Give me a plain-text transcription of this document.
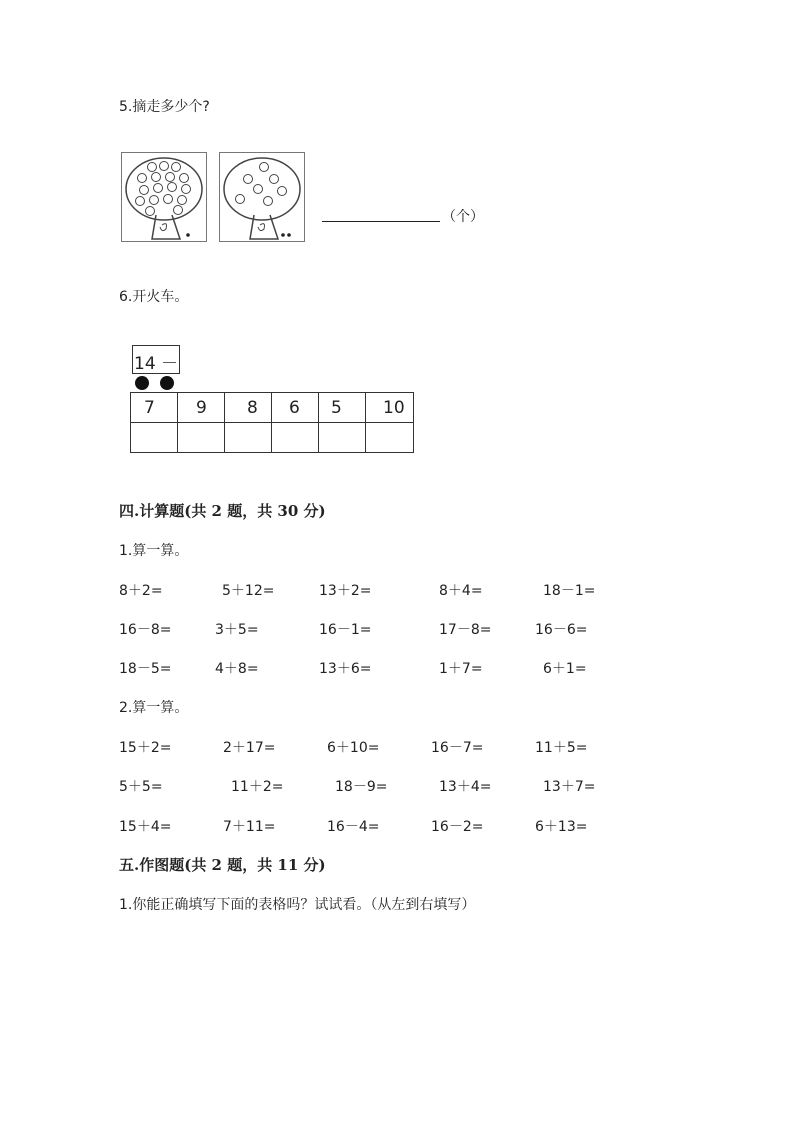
5.摘走多少个?
（个）
6.开火车。
14 －
7 9 8 6 5 10
四.计算题(共 2 题，共 30 分)
1.算一算。
8＋2=	5＋12=	13＋2=	8＋4=	18－1=
16－8=	3＋5=	16－1=	17－8=	16－6=
18－5=	4＋8=	13＋6=	1＋7=	6＋1=
2.算一算。
15＋2=	2＋17=	6＋10=	16－7=	11＋5=
5＋5=	11＋2=	18－9=	13＋4=	13＋7=
15＋4=	7＋11=	16－4=	16－2=	6＋13=
五.作图题(共 2 题，共 11 分)
1.你能正确填写下面的表格吗？试试看。（从左到右填写）
